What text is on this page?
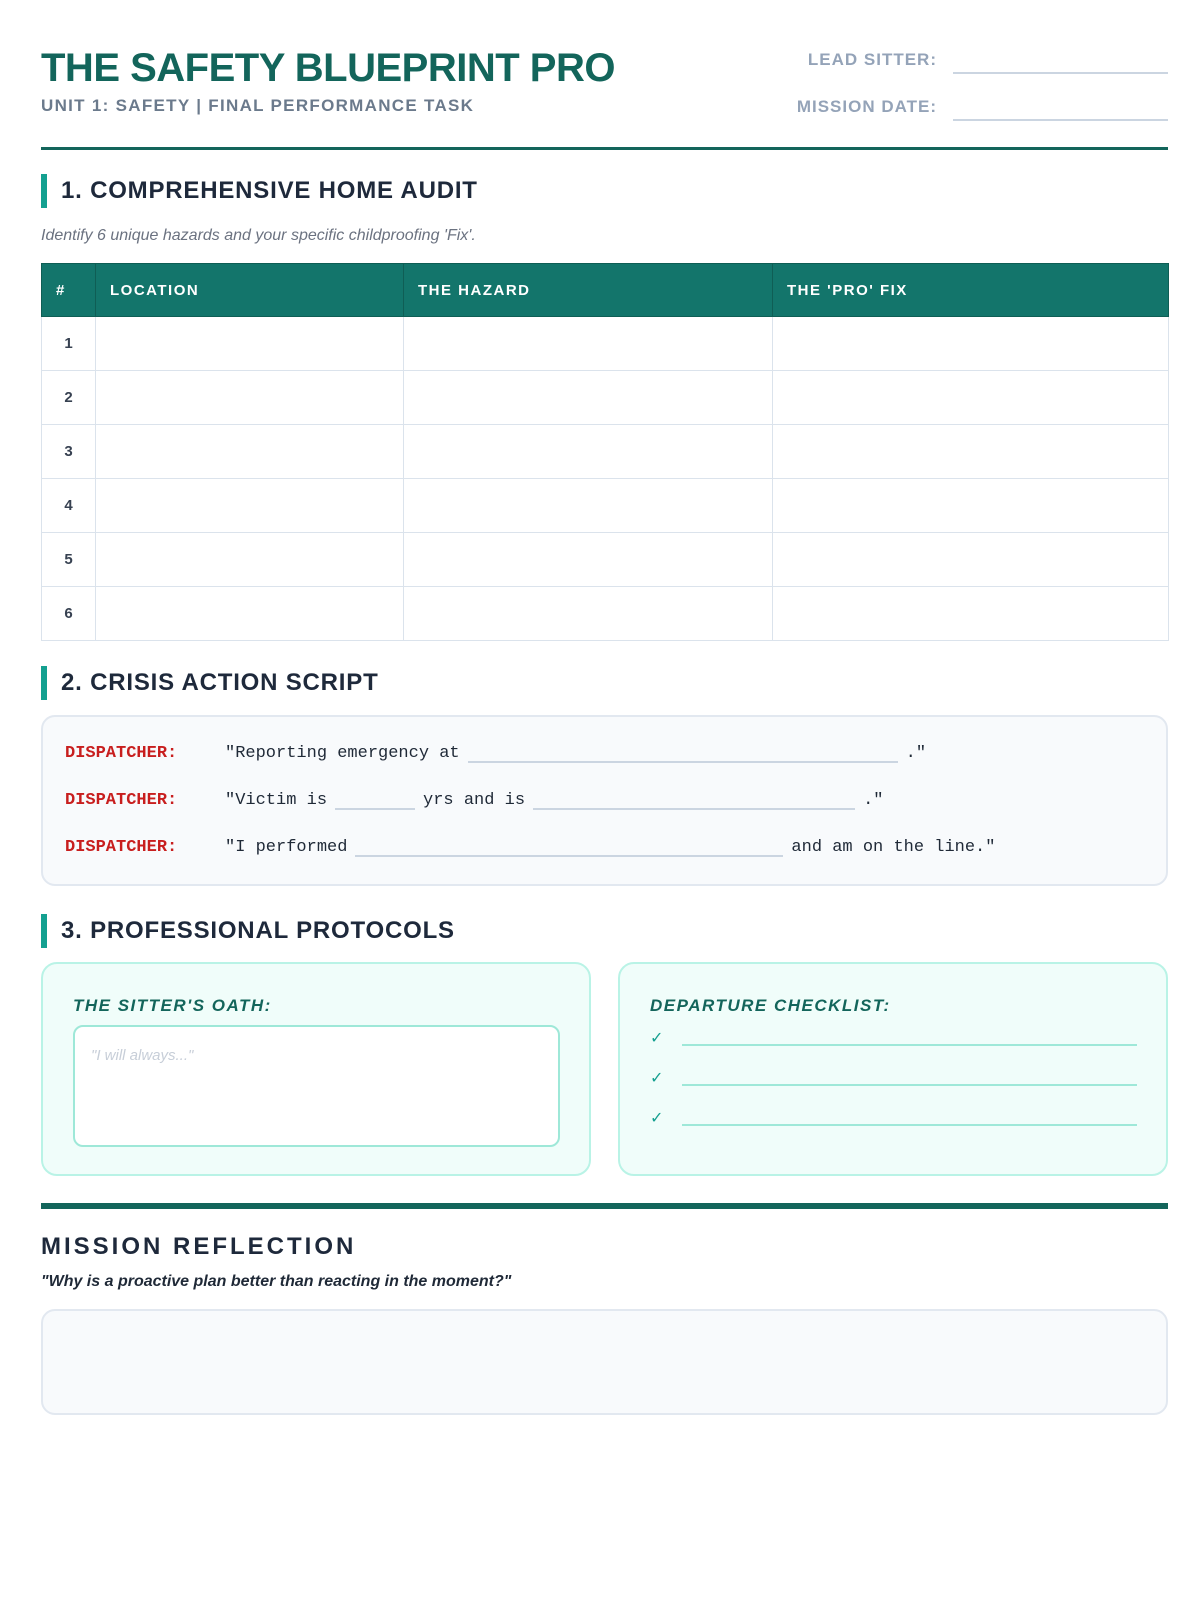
THE SAFETY BLUEPRINT PRO
UNIT 1: SAFETY | FINAL PERFORMANCE TASK
LEAD SITTER:
MISSION DATE:
1. COMPREHENSIVE HOME AUDIT
Identify 6 unique hazards and your specific childproofing 'Fix'.
#	LOCATION	THE HAZARD	THE 'PRO' FIX
1			
2			
3			
4			
5			
6			
2. CRISIS ACTION SCRIPT
DISPATCHER:	"Reporting emergency at	."
DISPATCHER:	"Victim is	yrs and is	."
DISPATCHER:	"I performed	and am on the line."
3. PROFESSIONAL PROTOCOLS
THE SITTER'S OATH:
"I will always..."
DEPARTURE CHECKLIST:
✓
✓
✓
MISSION REFLECTION
"Why is a proactive plan better than reacting in the moment?"
